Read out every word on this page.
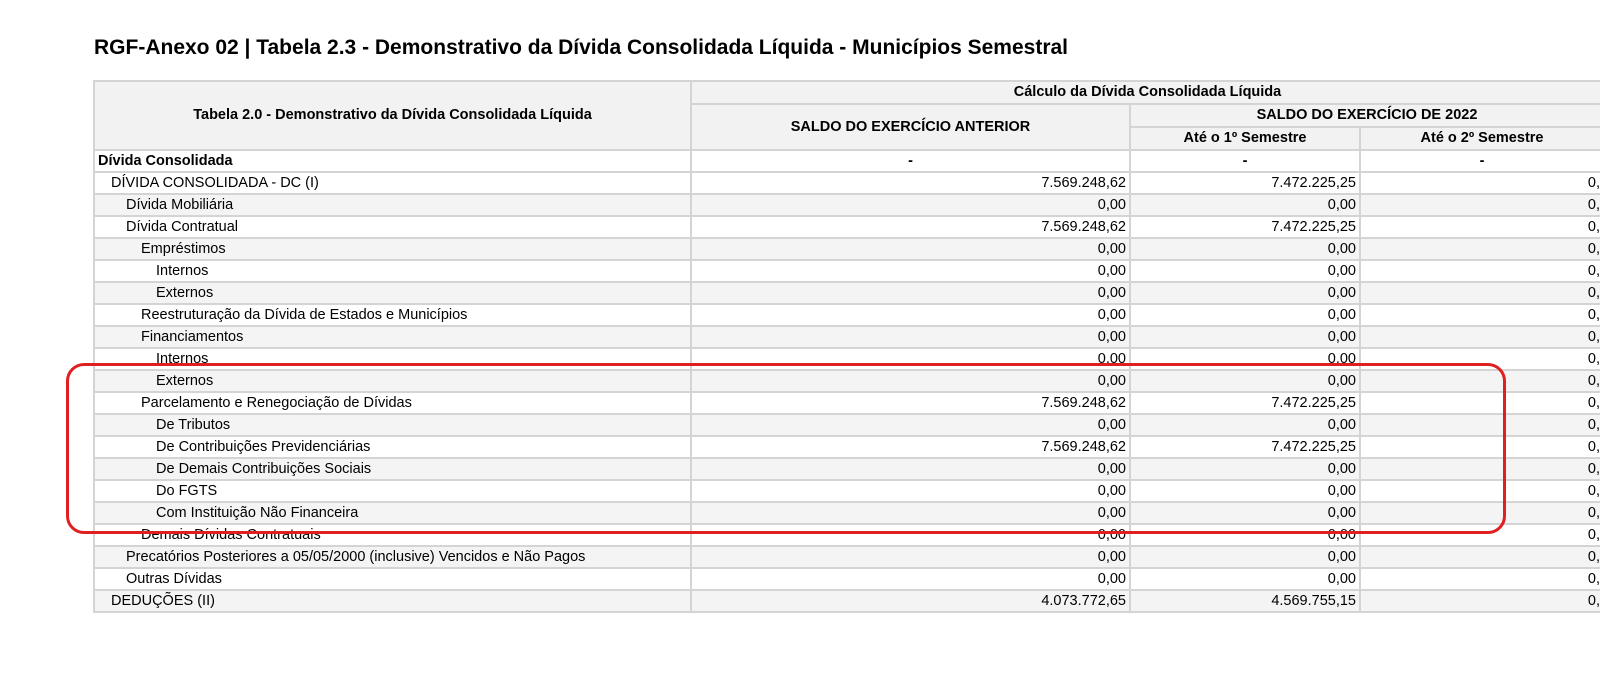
RGF-Anexo 02 | Tabela 2.3 - Demonstrativo da Dívida Consolidada Líquida - Municípios Semestral
Tabela 2.0 - Demonstrativo da Dívida Consolidada Líquida	Cálculo da Dívida Consolidada Líquida		
	SALDO DO EXERCÍCIO ANTERIOR	SALDO DO EXERCÍCIO DE 2022	
		Até o 1º Semestre	Até o 2º Semestre
Dívida Consolidada	-	-	-
DÍVIDA CONSOLIDADA - DC (I)	7.569.248,62	7.472.225,25	0,
Dívida Mobiliária	0,00	0,00	0,
Dívida Contratual	7.569.248,62	7.472.225,25	0,
Empréstimos	0,00	0,00	0,
Internos	0,00	0,00	0,
Externos	0,00	0,00	0,
Reestruturação da Dívida de Estados e Municípios	0,00	0,00	0,
Financiamentos	0,00	0,00	0,
Internos	0,00	0,00	0,
Externos	0,00	0,00	0,
Parcelamento e Renegociação de Dívidas	7.569.248,62	7.472.225,25	0,
De Tributos	0,00	0,00	0,
De Contribuições Previdenciárias	7.569.248,62	7.472.225,25	0,
De Demais Contribuições Sociais	0,00	0,00	0,
Do FGTS	0,00	0,00	0,
Com Instituição Não Financeira	0,00	0,00	0,
Demais Dívidas Contratuais	0,00	0,00	0,
Precatórios Posteriores a 05/05/2000 (inclusive) Vencidos e Não Pagos	0,00	0,00	0,
Outras Dívidas	0,00	0,00	0,
DEDUÇÕES (II)	4.073.772,65	4.569.755,15	0,
